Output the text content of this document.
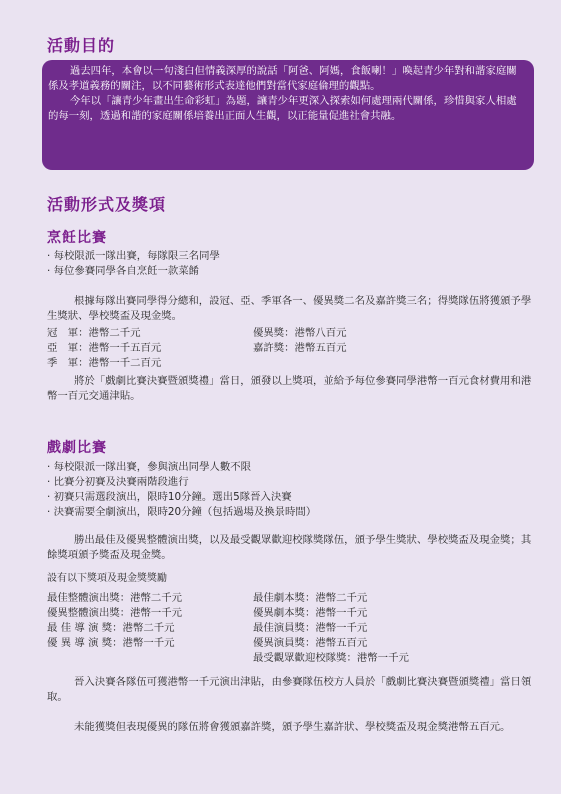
活動目的

過去四年，本會以一句淺白但情義深厚的說話「阿爸、阿媽，食飯喇！」喚起青少年對和諧家庭關係及孝道義務的關注，以不同藝術形式表達他們對當代家庭倫理的觀點。

今年以「讓青少年畫出生命彩虹」為題，讓青少年更深入探索如何處理兩代關係，珍惜與家人相處的每一刻，透過和諧的家庭關係培養出正面人生觀，以正能量促進社會共融。

活動形式及獎項
烹飪比賽
· 每校限派一隊出賽，每隊限三名同學
· 每位參賽同學各自烹飪一款菜餚

根據每隊出賽同學得分總和，設冠、亞、季軍各一、優異獎二名及嘉許獎三名；得獎隊伍將獲頒予學生獎狀、學校獎盃及現金獎。

冠　軍：港幣二千元	優異獎：港幣八百元
亞　軍：港幣一千五百元	嘉許獎：港幣五百元
季　軍：港幣一千二百元

將於「戲劇比賽決賽暨頒獎禮」當日，頒發以上獎項，並給予每位參賽同學港幣一百元食材費用和港幣一百元交通津貼。

戲劇比賽
· 每校限派一隊出賽，參與演出同學人數不限
· 比賽分初賽及決賽兩階段進行
· 初賽只需選段演出，限時10分鐘。選出5隊晉入決賽
· 決賽需要全劇演出，限時20分鐘（包括過場及換景時間）

勝出最佳及優異整體演出獎，以及最受觀眾歡迎校隊獎隊伍，頒予學生獎狀、學校獎盃及現金獎；其餘獎項頒予獎盃及現金獎。

設有以下獎項及現金獎獎勵

最佳整體演出獎：港幣二千元	最佳劇本獎：港幣二千元
優異整體演出獎：港幣一千元	優異劇本獎：港幣一千元
最 佳 導 演 獎：港幣二千元	最佳演員獎：港幣一千元
優 異 導 演 獎：港幣一千元	優異演員獎：港幣五百元
最受觀眾歡迎校隊獎：港幣一千元

晉入決賽各隊伍可獲港幣一千元演出津貼，由參賽隊伍校方人員於「戲劇比賽決賽暨頒獎禮」當日領取。

未能獲獎但表現優異的隊伍將會獲頒嘉許獎，頒予學生嘉許狀、學校獎盃及現金獎港幣五百元。
